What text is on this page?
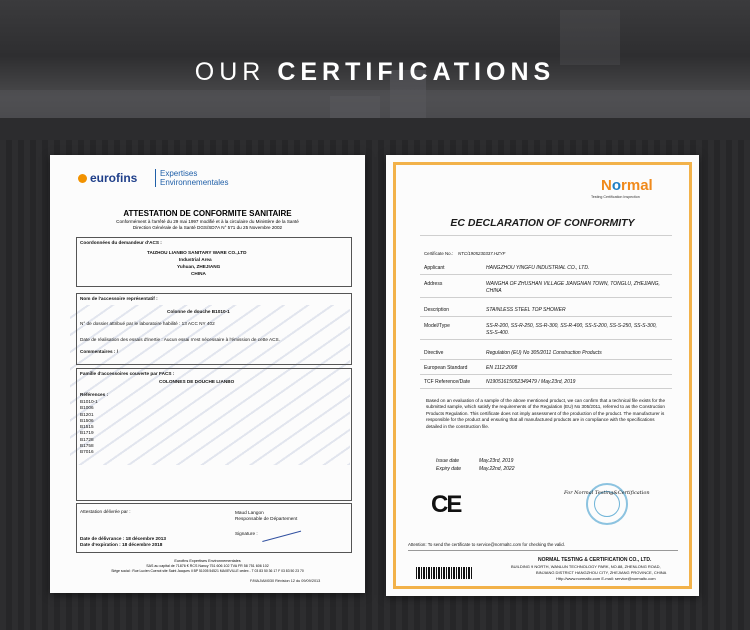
OUR CERTIFICATIONS
eurofins	Expertises
Environnementales
ATTESTATION DE CONFORMITE SANITAIRE
Conformément à l'arrêté du 29 mai 1997 modifié et à la circulaire du Ministère de la Santé
Direction Générale de la Santé DGS/SD7A N° 571 du 25 Novembre 2002
Coordonnées du demandeur d'ACS :
TAIZHOU LIANBO SANITARY WARE CO.,LTD
Industrial Area
Yuhuan, ZHEJIANG
CHINA
Nom de l'accessoire représentatif :
Colonne de douche B1010-1
N° de dossier attribué par le laboratoire habilité : 13 ACC NY 402
Date de réalisation des essais d'inertie : Aucun essai n'est nécessaire à l'émission de cette ACS.
Commentaires : /
Famille d'accessoires couverte par FACS :
COLONNES DE DOUCHE LIANBO
Références :
B1010-1
B1006
B1201
B1506
B1515
B1719
B1728
B1758
B7016
Attestation délivrée par :	Maud Langon
Responsable de Département
Signature :
Date de délivrance : 18 décembre 2013
Date d'expiration : 18 décembre 2018
Eurofins Expertises Environnementales
SAS au capital de 71876 € RCS Nancy 751 606 102 TVA FR 58 751 606 102
Siège social : Rue Lucien Cuenot site Saint Jacques II BP 51005 54521 MAXEVILLE cedex - T 03 83 50 36 17 F 03 83 50 23 70
F/MAJ/AM030 Révision 12 du 09/09/2013
Normal
Testing Certification Inspection
EC DECLARATION OF CONFORMITY
Certificate No.: NTC/1905230337.HZYF
Applicant	HANGZHOU YINGFU INDUSTRIAL CO., LTD.
Address	WANGHA OF ZHUSHAN VILLAGE JIANGNAN TOWN, TONGLU, ZHEJIANG, CHINA
Description	STAINLESS STEEL TOP SHOWER
Model/Type	SS-R-200, SS-R-250, SS-R-300, SS-R-400, SS-S-200, SS-S-250, SS-S-300, SS-S-400.
Directive	Regulation (EU) No 305/2011 Construction Products
European Standard	EN 1112:2008
TCF Reference/Date	N19051615052349479 / May.23rd, 2019
Based on an evaluation of a sample of the above mentioned product, we can confirm that a technical file exists for the submitted sample, which satisfy the requirements of the Regulation (EU) No 305/2011, referred to as the Construction Products Regulation. This certificate does not imply assessment of the production of the product. The manufacturer is responsible for the product and ensuring that all manufactured products are in compliance with the specifications detailed in the construction file.
Issue date	May.23rd, 2019
Expiry date	May.22nd, 2022
CE	For Normal Testing&Certification
Attention: To send the certificate to service@normaltc.com for checking the valid.
NORMAL TESTING & CERTIFICATION CO., LTD.
BUILDING 9 NORTH, WANLUN TECHNOLOGY PARK, NO.88, ZHENLONG ROAD,
BINJIANG DISTRICT HANGZHOU CITY, ZHEJIANG PROVINCE, CHINA
Http://www.normaltc.com E-mail: service@normaltc.com
